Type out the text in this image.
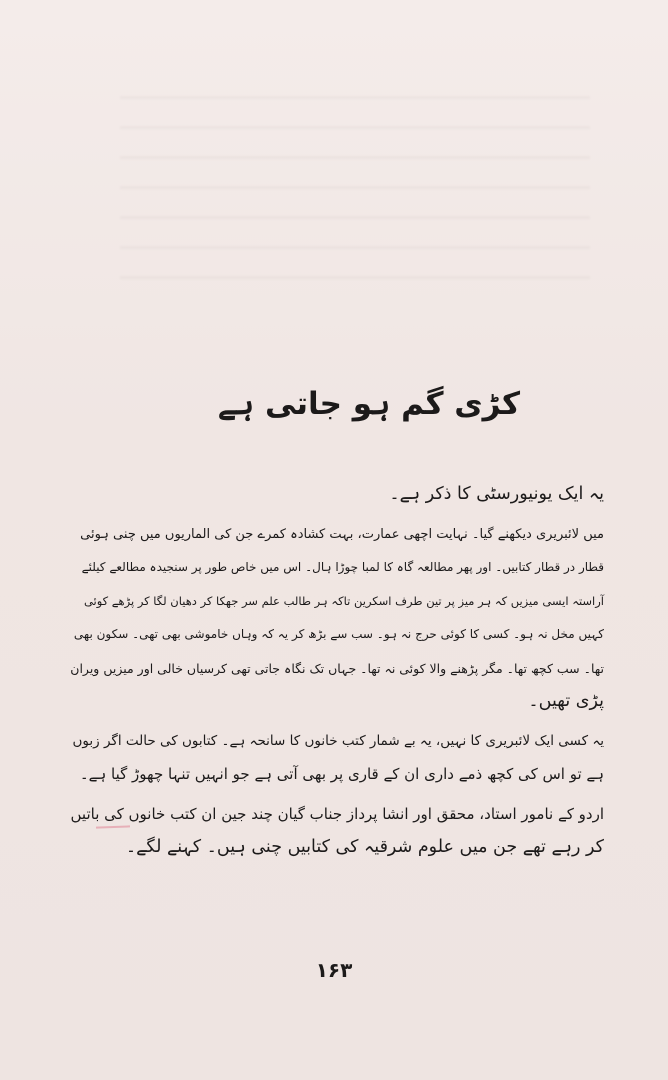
کڑی گم ہو جاتی ہے

یہ ایک یونیورسٹی کا ذکر ہے۔

میں لائبریری دیکھنے گیا۔ نہایت اچھی عمارت، بہت کشادہ کمرے جن کی الماریوں میں چنی ہوئی
قطار در قطار کتابیں۔ اور پھر مطالعہ گاہ کا لمبا چوڑا ہال۔ اس میں خاص طور پر سنجیدہ مطالعے کیلئے
آراستہ ایسی میزیں کہ ہر میز پر تین طرف اسکرین تاکہ ہر طالب علم سر جھکا کر دھیان لگا کر پڑھے کوئی
کہیں مخل نہ ہو۔ کسی کا کوئی حرج نہ ہو۔ سب سے بڑھ کر یہ کہ وہاں خاموشی بھی تھی۔ سکون بھی
تھا۔ سب کچھ تھا۔ مگر پڑھنے والا کوئی نہ تھا۔ جہاں تک نگاہ جاتی تھی کرسیاں خالی اور میزیں ویران
پڑی تھیں۔

یہ کسی ایک لائبریری کا نہیں، یہ بے شمار کتب خانوں کا سانحہ ہے۔ کتابوں کی حالت اگر زبوں
ہے تو اس کی کچھ ذمے داری ان کے قاری پر بھی آتی ہے جو انہیں تنہا چھوڑ گیا ہے۔

اردو کے نامور استاد، محقق اور انشا پرداز جناب گیان چند جین ان کتب خانوں کی باتیں
کر رہے تھے جن میں علوم شرقیہ کی کتابیں چنی ہیں۔ کہنے لگے۔

۱۶۳
